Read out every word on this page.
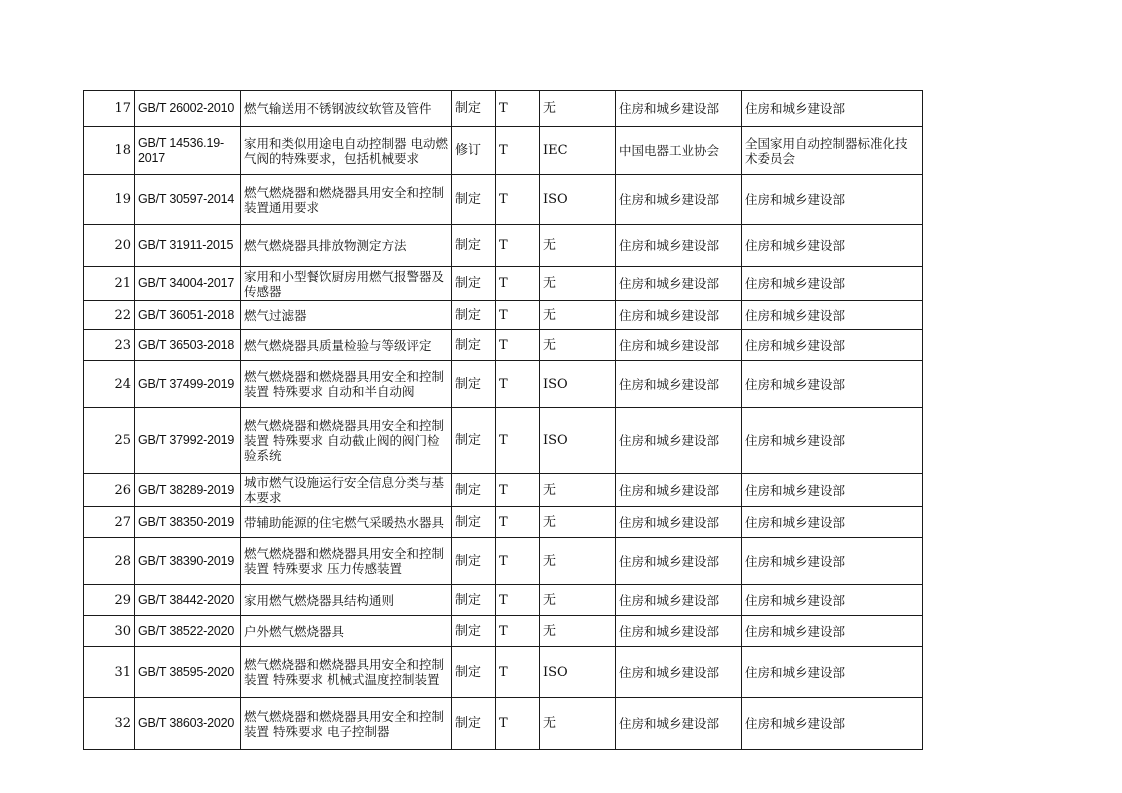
17	GB/T 26002-2010	燃气输送用不锈钢波纹软管及管件	制定	T	无	住房和城乡建设部	住房和城乡建设部
18	GB/T 14536.19-2017	家用和类似用途电自动控制器 电动燃气阀的特殊要求，包括机械要求	修订	T	IEC	中国电器工业协会	全国家用自动控制器标准化技术委员会
19	GB/T 30597-2014	燃气燃烧器和燃烧器具用安全和控制装置通用要求	制定	T	ISO	住房和城乡建设部	住房和城乡建设部
20	GB/T 31911-2015	燃气燃烧器具排放物测定方法	制定	T	无	住房和城乡建设部	住房和城乡建设部
21	GB/T 34004-2017	家用和小型餐饮厨房用燃气报警器及传感器	制定	T	无	住房和城乡建设部	住房和城乡建设部
22	GB/T 36051-2018	燃气过滤器	制定	T	无	住房和城乡建设部	住房和城乡建设部
23	GB/T 36503-2018	燃气燃烧器具质量检验与等级评定	制定	T	无	住房和城乡建设部	住房和城乡建设部
24	GB/T 37499-2019	燃气燃烧器和燃烧器具用安全和控制装置 特殊要求 自动和半自动阀	制定	T	ISO	住房和城乡建设部	住房和城乡建设部
25	GB/T 37992-2019	燃气燃烧器和燃烧器具用安全和控制装置 特殊要求 自动截止阀的阀门检验系统	制定	T	ISO	住房和城乡建设部	住房和城乡建设部
26	GB/T 38289-2019	城市燃气设施运行安全信息分类与基本要求	制定	T	无	住房和城乡建设部	住房和城乡建设部
27	GB/T 38350-2019	带辅助能源的住宅燃气采暖热水器具	制定	T	无	住房和城乡建设部	住房和城乡建设部
28	GB/T 38390-2019	燃气燃烧器和燃烧器具用安全和控制装置 特殊要求 压力传感装置	制定	T	无	住房和城乡建设部	住房和城乡建设部
29	GB/T 38442-2020	家用燃气燃烧器具结构通则	制定	T	无	住房和城乡建设部	住房和城乡建设部
30	GB/T 38522-2020	户外燃气燃烧器具	制定	T	无	住房和城乡建设部	住房和城乡建设部
31	GB/T 38595-2020	燃气燃烧器和燃烧器具用安全和控制装置 特殊要求 机械式温度控制装置	制定	T	ISO	住房和城乡建设部	住房和城乡建设部
32	GB/T 38603-2020	燃气燃烧器和燃烧器具用安全和控制装置 特殊要求 电子控制器	制定	T	无	住房和城乡建设部	住房和城乡建设部
